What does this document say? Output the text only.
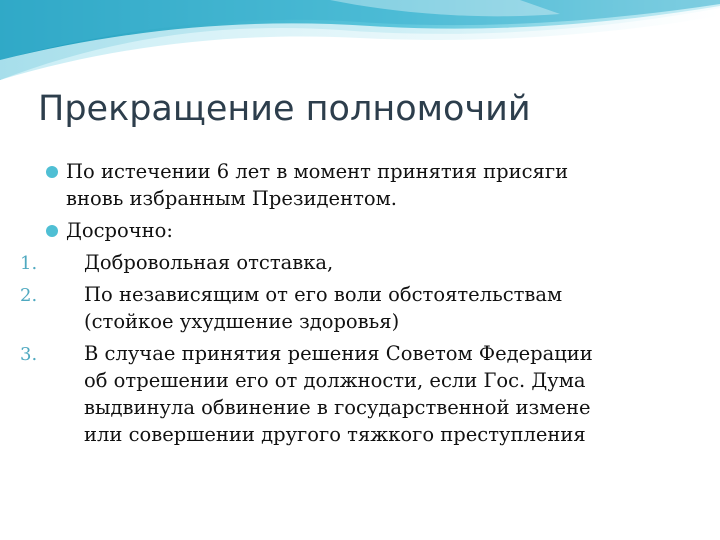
Прекращение полномочий
По истечении 6 лет в момент принятия присяги
вновь избранным Президентом.
Досрочно:
1. Добровольная отставка,
2. По независящим от его воли обстоятельствам
(стойкое ухудшение здоровья)
3. В случае принятия решения Советом Федерации
об отрешении его от должности, если Гос. Дума
выдвинула обвинение в государственной измене
или совершении другого тяжкого преступления
